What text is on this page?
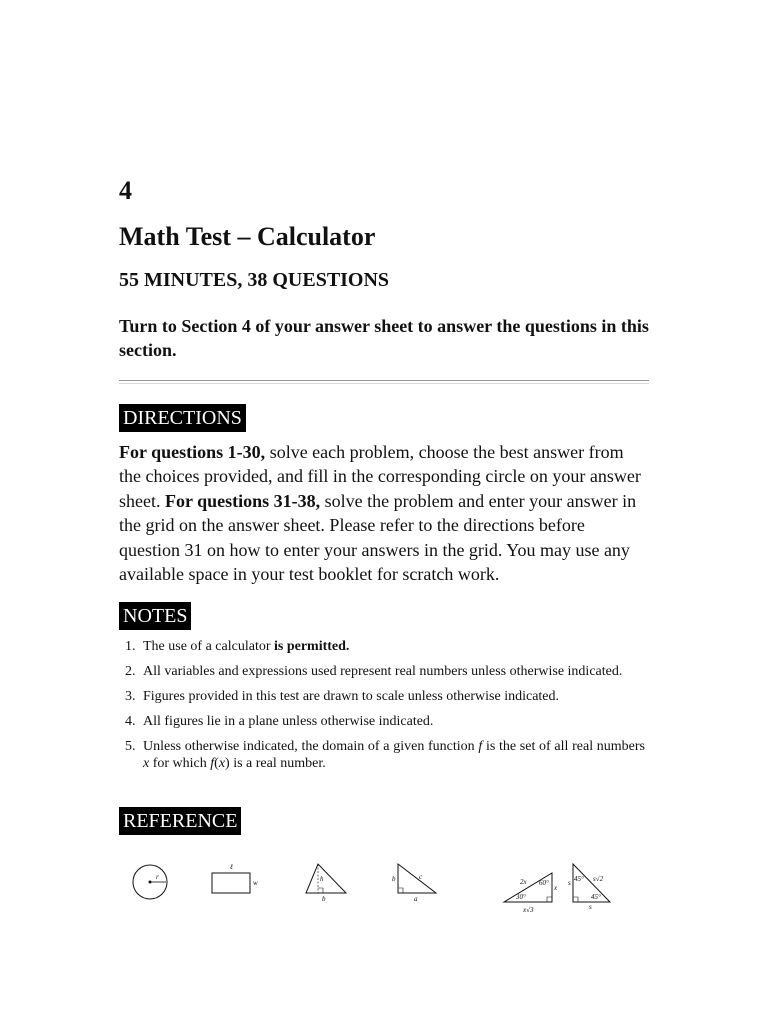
4
Math Test – Calculator
55 MINUTES, 38 QUESTIONS

Turn to Section 4 of your answer sheet to answer the questions in this section.

DIRECTIONS

For questions 1-30, solve each problem, choose the best answer from the choices provided, and fill in the corresponding circle on your answer sheet. For questions 31-38, solve the problem and enter your answer in the grid on the answer sheet. Please refer to the directions before question 31 on how to enter your answers in the grid. You may use any available space in your test booklet for scratch work.

NOTES
1. The use of a calculator is permitted.
2. All variables and expressions used represent real numbers unless otherwise indicated.
3. Figures provided in this test are drawn to scale unless otherwise indicated.
4. All figures lie in a plane unless otherwise indicated.
5. Unless otherwise indicated, the domain of a given function f is the set of all real numbers x for which f(x) is a real number.
REFERENCE
r
ℓ
w	h
b
c
b
a
2x 60°
x
30°
x√3
45° s√2
s
45°
s
